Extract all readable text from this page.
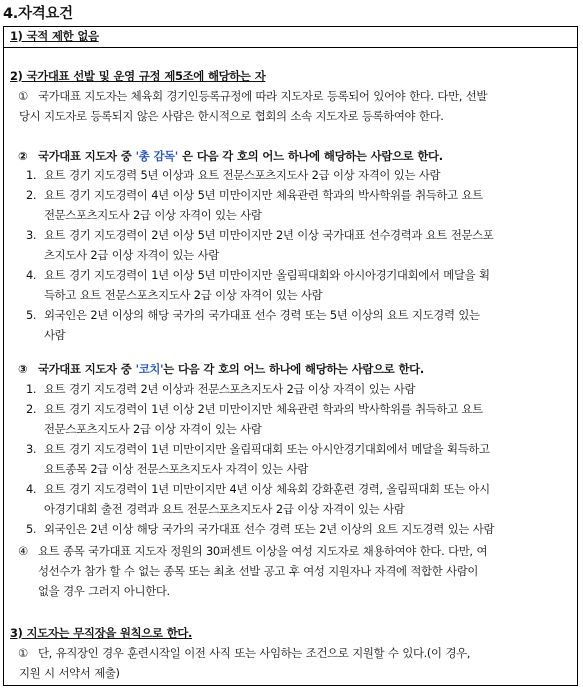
4.자격요건
1) 국적 제한 없음
2) 국가대표 선발 및 운영 규정 제5조에 해당하는 자
① 국가대표 지도자는 체육회 경기인등록규정에 따라 지도자로 등록되어 있어야 한다. 다만, 선발
당시 지도자로 등록되지 않은 사람은 한시적으로 협회의 소속 지도자로 등록하여야 한다.
② 국가대표 지도자 중 '총 감독' 은 다음 각 호의 어느 하나에 해당하는 사람으로 한다.
③ 국가대표 지도자 중 '코치'는 다음 각 호의 어느 하나에 해당하는 사람으로 한다.
④ 요트 종목 국가대표 지도자 정원의 30퍼센트 이상을 여성 지도자로 채용하여야 한다. 다만, 여
성선수가 참가 할 수 없는 종목 또는 최초 선발 공고 후 여성 지원자나 자격에 적합한 사람이
없을 경우 그러지 아니한다.
3) 지도자는 무직장을 원칙으로 한다.
① 단, 유직장인 경우 훈련시작일 이전 사직 또는 사임하는 조건으로 지원할 수 있다.(이 경우,
지원 시 서약서 제출)
1. 요트 경기 지도경력 5년 이상과 요트 전문스포츠지도사 2급 이상 자격이 있는 사람
2. 요트 경기 지도경력이 4년 이상 5년 미만이지만 체육관련 학과의 박사학위를 취득하고 요트
전문스포츠지도사 2급 이상 자격이 있는 사람
3. 요트 경기 지도경력이 2년 이상 5년 미만이지만 2년 이상 국가대표 선수경력과 요트 전문스포
츠지도사 2급 이상 자격이 있는 사람
4. 요트 경기 지도경력이 1년 이상 5년 미만이지만 올림픽대회와 아시아경기대회에서 메달을 획
득하고 요트 전문스포츠지도사 2급 이상 자격이 있는 사람
5. 외국인은 2년 이상의 해당 국가의 국가대표 선수 경력 또는 5년 이상의 요트 지도경력 있는
사람
1. 요트 경기 지도경력 2년 이상과 전문스포츠지도사 2급 이상 자격이 있는 사람
2. 요트 경기 지도경력이 1년 이상 2년 미만이지만 체육관련 학과의 박사학위를 취득하고 요트
전문스포츠지도사 2급 이상 자격이 있는 사람
3. 요트 경기 지도경력이 1년 미만이지만 올림픽대회 또는 아시안경기대회에서 메달을 획득하고
요트종목 2급 이상 전문스포츠지도사 자격이 있는 사람
4. 요트 경기 지도경력이 1년 미만이지만 4년 이상 체육회 강화훈련 경력, 올림픽대회 또는 아시
아경기대회 출전 경력과 요트 전문스포츠지도사 2급 이상 자격이 있는 사람
5. 외국인은 2년 이상 해당 국가의 국가대표 선수 경력 또는 2년 이상의 요트 지도경력 있는 사람
